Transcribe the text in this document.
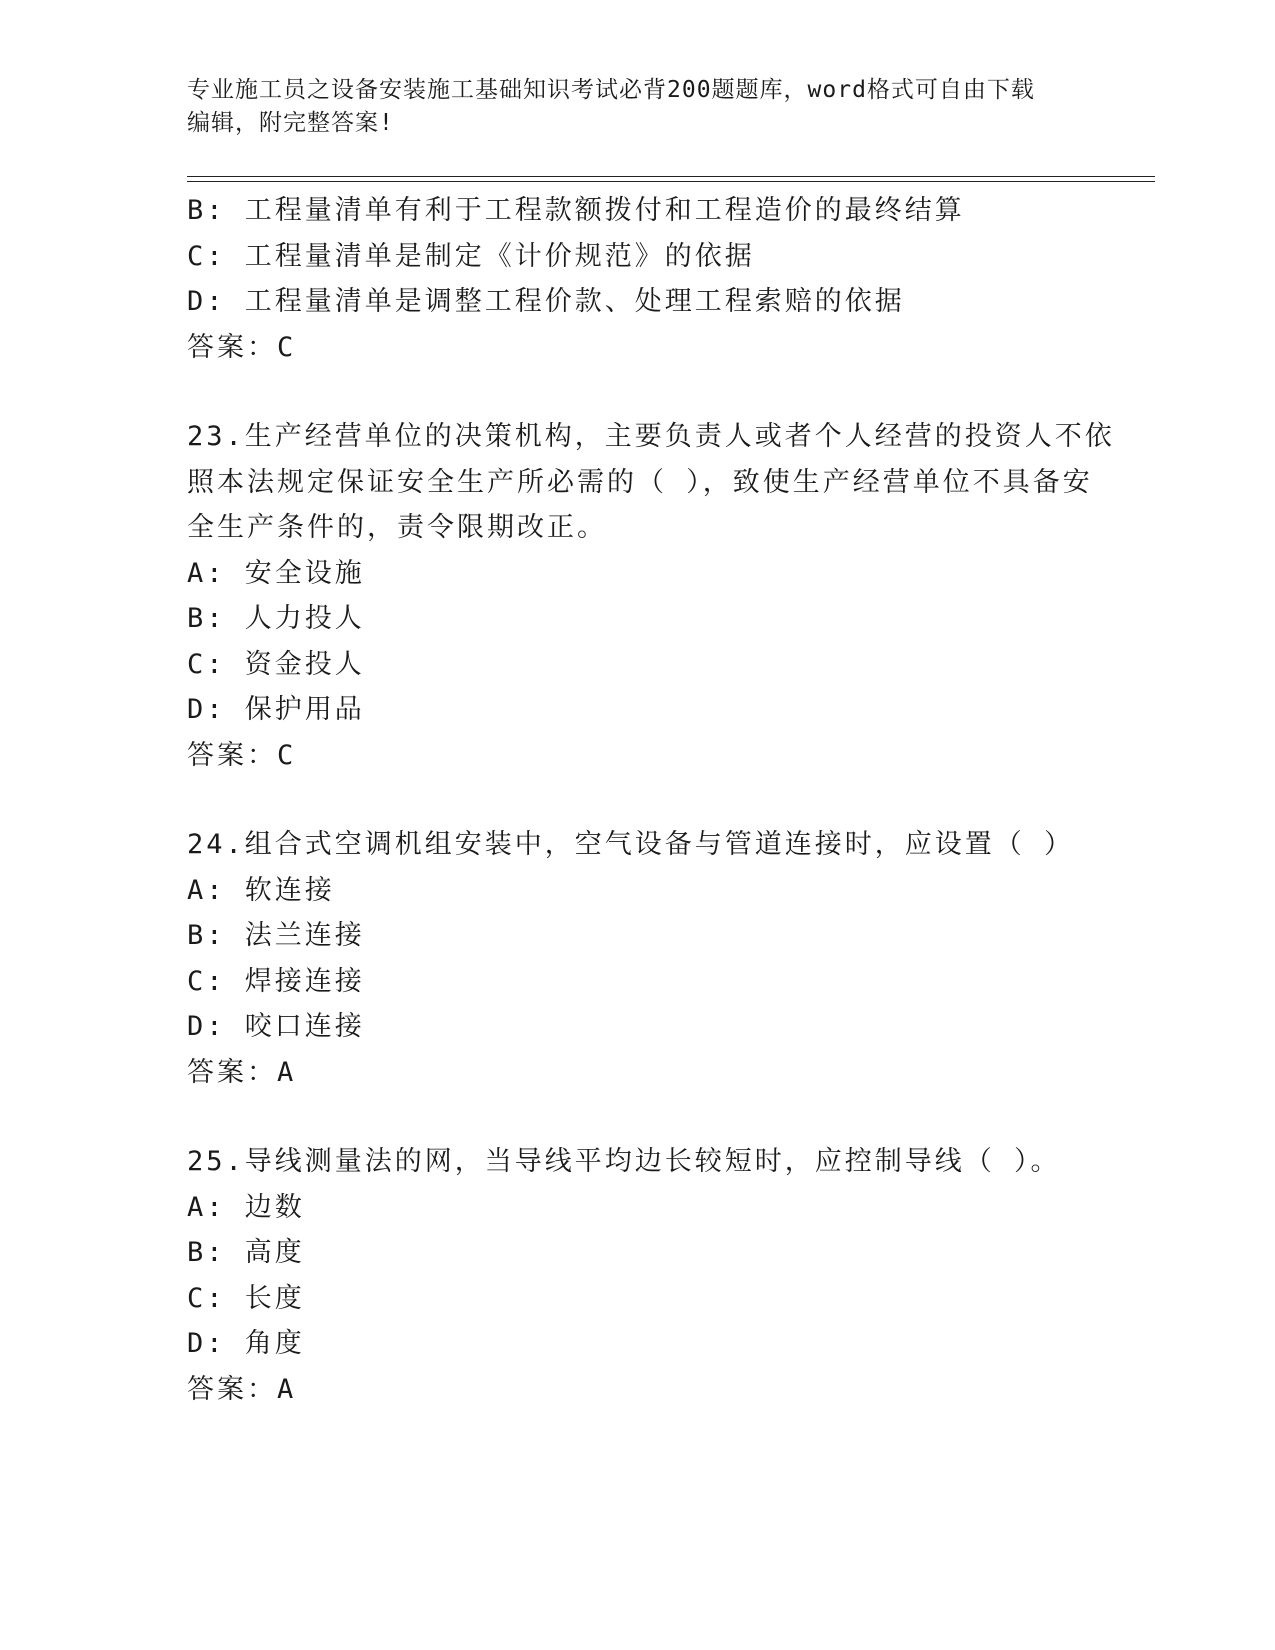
专业施工员之设备安装施工基础知识考试必背200题题库，word格式可自由下载
编辑，附完整答案!
B: 工程量清单有利于工程款额拨付和工程造价的最终结算
C: 工程量清单是制定《计价规范》的依据
D: 工程量清单是调整工程价款、处理工程索赔的依据
答案：C
23.生产经营单位的决策机构，主要负责人或者个人经营的投资人不依
照本法规定保证安全生产所必需的（ ），致使生产经营单位不具备安
全生产条件的，责令限期改正。
A: 安全设施
B: 人力投人
C: 资金投人
D: 保护用品
答案：C
24.组合式空调机组安装中，空气设备与管道连接时，应设置（ ）
A: 软连接
B: 法兰连接
C: 焊接连接
D: 咬口连接
答案：A
25.导线测量法的网，当导线平均边长较短时，应控制导线（ ）。
A: 边数
B: 高度
C: 长度
D: 角度
答案：A
